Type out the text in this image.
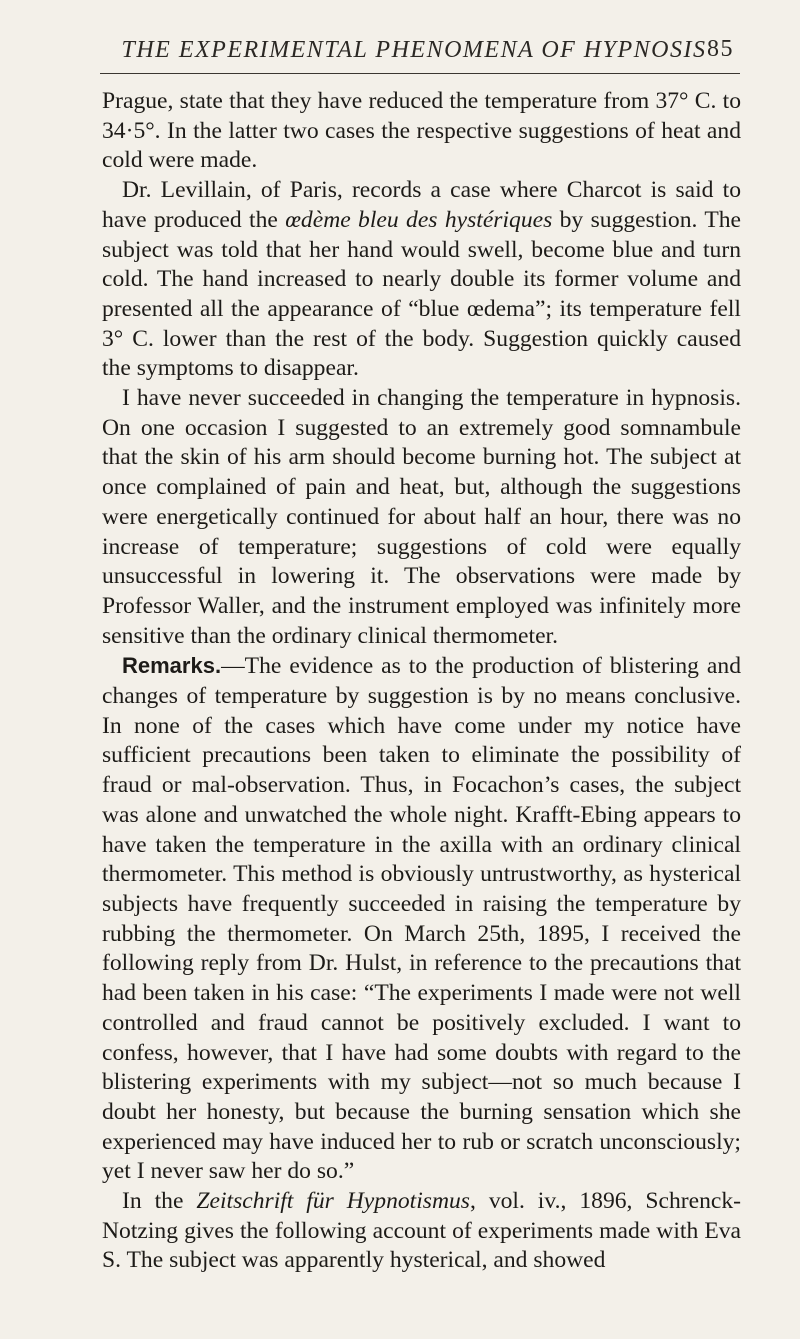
THE EXPERIMENTAL PHENOMENA OF HYPNOSIS 85

Prague, state that they have reduced the temperature from 37° C. to 34·5°. In the latter two cases the respective suggestions of heat and cold were made.

Dr. Levillain, of Paris, records a case where Charcot is said to have produced the œdème bleu des hystériques by suggestion. The subject was told that her hand would swell, become blue and turn cold. The hand increased to nearly double its former volume and presented all the appearance of “blue œdema”; its temperature fell 3° C. lower than the rest of the body. Suggestion quickly caused the symptoms to disappear.

I have never succeeded in changing the temperature in hypnosis. On one occasion I suggested to an extremely good somnambule that the skin of his arm should become burning hot. The subject at once complained of pain and heat, but, although the suggestions were energetically continued for about half an hour, there was no increase of temperature; suggestions of cold were equally unsuccessful in lowering it. The observations were made by Professor Waller, and the instrument employed was infinitely more sensitive than the ordinary clinical thermometer.

Remarks.—The evidence as to the production of blistering and changes of temperature by suggestion is by no means conclusive. In none of the cases which have come under my notice have sufficient precautions been taken to eliminate the possibility of fraud or mal-observation. Thus, in Focachon’s cases, the subject was alone and unwatched the whole night. Krafft-Ebing appears to have taken the temperature in the axilla with an ordinary clinical thermometer. This method is obviously untrustworthy, as hysterical subjects have frequently succeeded in raising the temperature by rubbing the thermometer. On March 25th, 1895, I received the following reply from Dr. Hulst, in reference to the precautions that had been taken in his case: “The experiments I made were not well controlled and fraud cannot be positively excluded. I want to confess, however, that I have had some doubts with regard to the blistering experiments with my subject—not so much because I doubt her honesty, but because the burning sensation which she experienced may have induced her to rub or scratch unconsciously; yet I never saw her do so.”

In the Zeitschrift für Hypnotismus, vol. iv., 1896, Schrenck-Notzing gives the following account of experiments made with Eva S. The subject was apparently hysterical, and showed
